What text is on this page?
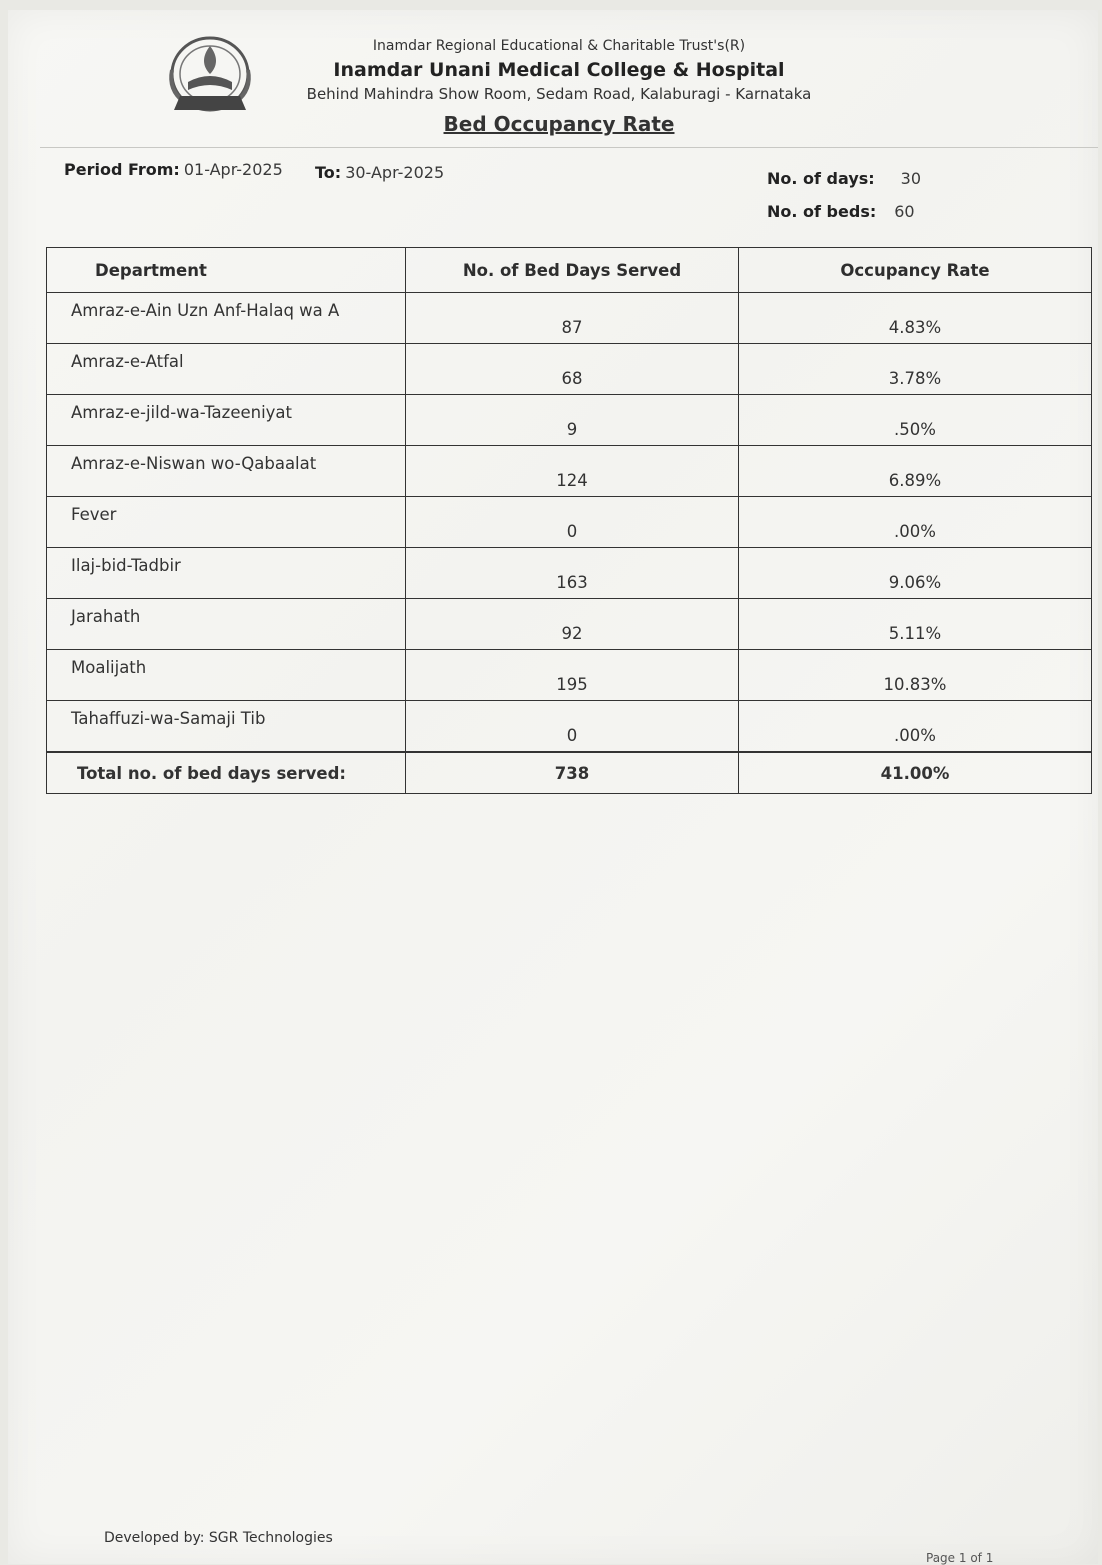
Inamdar Regional Educational & Charitable Trust's(R)
Inamdar Unani Medical College & Hospital
Behind Mahindra Show Room, Sedam Road, Kalaburagi - Karnataka
Bed Occupancy Rate
Period From: 01-Apr-2025 To: 30-Apr-2025	No. of days: 30
No. of beds: 60
Department	No. of Bed Days Served	Occupancy Rate
Amraz-e-Ain Uzn Anf-Halaq wa A	87	4.83%
Amraz-e-Atfal	68	3.78%
Amraz-e-jild-wa-Tazeeniyat	9	.50%
Amraz-e-Niswan wo-Qabaalat	124	6.89%
Fever	0	.00%
Ilaj-bid-Tadbir	163	9.06%
Jarahath	92	5.11%
Moalijath	195	10.83%
Tahaffuzi-wa-Samaji Tib	0	.00%
Total no. of bed days served:	738	41.00%
Developed by: SGR Technologies
Page 1 of 1
